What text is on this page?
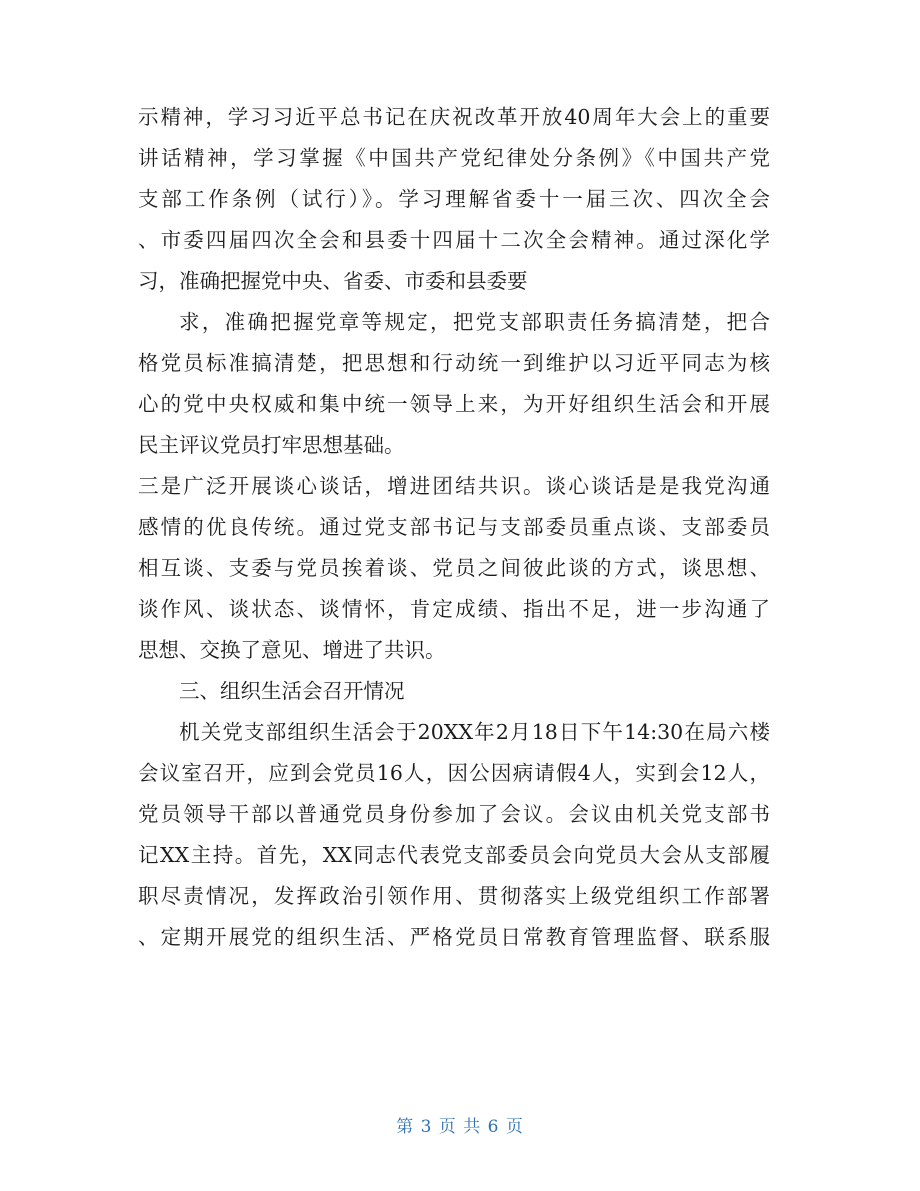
示精神，学习习近平总书记在庆祝改革开放40周年大会上的重要
讲话精神，学习掌握《中国共产党纪律处分条例》《中国共产党
支部工作条例（试行）》。学习理解省委十一届三次、四次全会
、市委四届四次全会和县委十四届十二次全会精神。通过深化学
习，准确把握党中央、省委、市委和县委要
求，准确把握党章等规定，把党支部职责任务搞清楚，把合
格党员标准搞清楚，把思想和行动统一到维护以习近平同志为核
心的党中央权威和集中统一领导上来，为开好组织生活会和开展
民主评议党员打牢思想基础。
三是广泛开展谈心谈话，增进团结共识。谈心谈话是是我党沟通
感情的优良传统。通过党支部书记与支部委员重点谈、支部委员
相互谈、支委与党员挨着谈、党员之间彼此谈的方式，谈思想、
谈作风、谈状态、谈情怀，肯定成绩、指出不足，进一步沟通了
思想、交换了意见、增进了共识。
三、组织生活会召开情况
机关党支部组织生活会于20XX年2月18日下午14:30在局六楼
会议室召开，应到会党员16人，因公因病请假4人，实到会12人，
党员领导干部以普通党员身份参加了会议。会议由机关党支部书
记XX主持。首先，XX同志代表党支部委员会向党员大会从支部履
职尽责情况，发挥政治引领作用、贯彻落实上级党组织工作部署
、定期开展党的组织生活、严格党员日常教育管理监督、联系服
第 3 页 共 6 页
